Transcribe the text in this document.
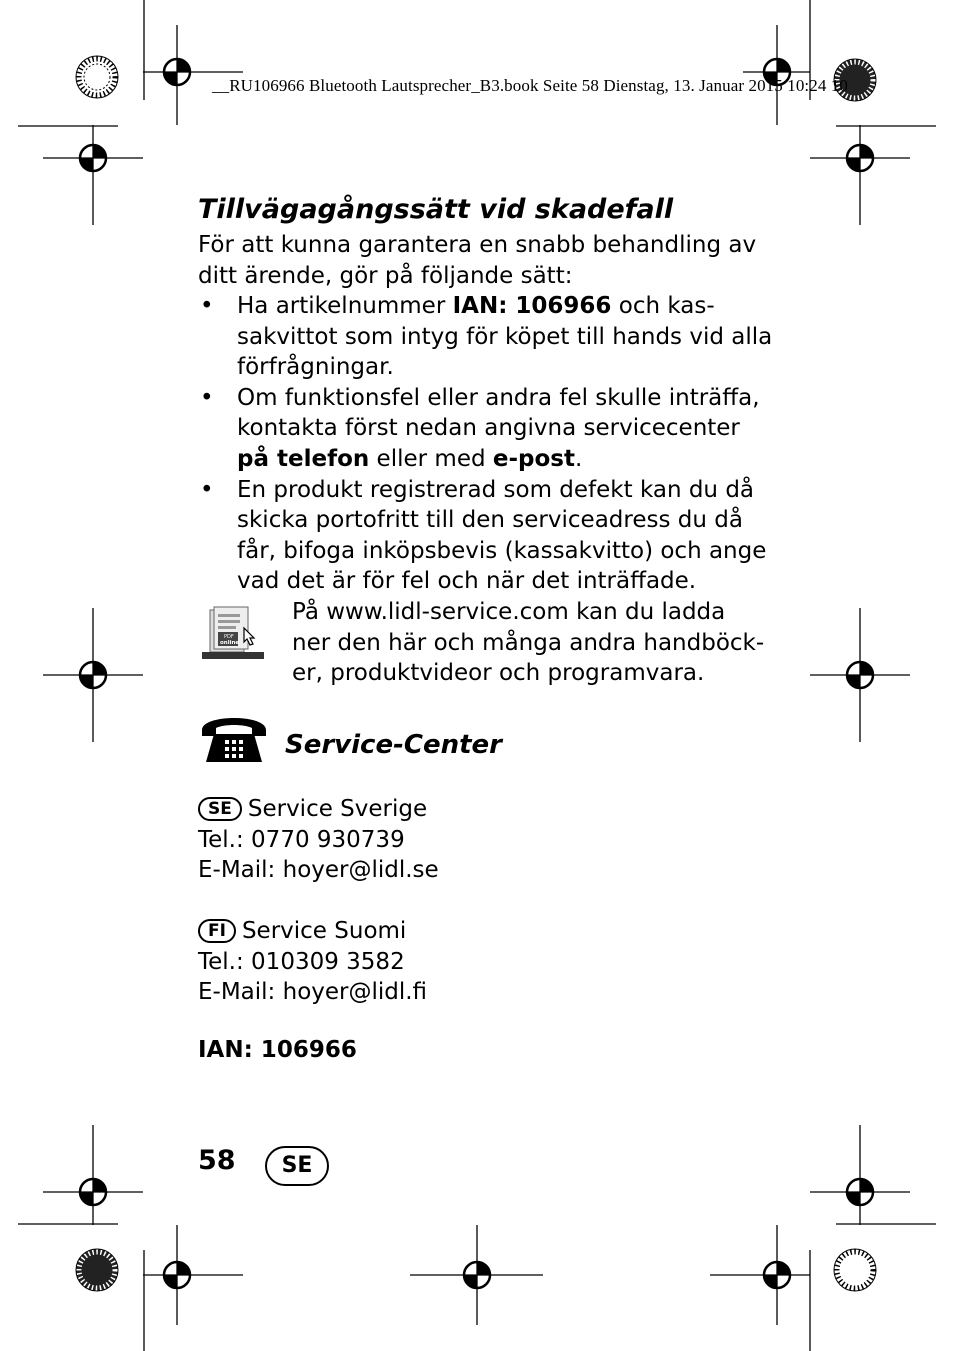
__RU106966 Bluetooth Lautsprecher_B3.book Seite 58 Dienstag, 13. Januar 2015 10:24 10
Tillvägagångssätt vid skadefall
För att kunna garantera en snabb behandling av
ditt ärende, gör på följande sätt:
• Ha artikelnummer IAN: 106966 och kas-
sakvittot som intyg för köpet till hands vid alla
förfrågningar.
• Om funktionsfel eller andra fel skulle inträffa,
kontakta först nedan angivna servicecenter
på telefon eller med e-post.
• En produkt registrerad som defekt kan du då
skicka portofritt till den serviceadress du då
får, bifoga inköpsbevis (kassakvitto) och ange
vad det är för fel och när det inträffade.
PDF
online
På www.lidl-service.com kan du ladda
ner den här och många andra handböck-
er, produktvideor och programvara.
Service-Center
SE Service Sverige
Tel.: 0770 930739
E-Mail: hoyer@lidl.se
FI Service Suomi
Tel.: 010309 3582
E-Mail: hoyer@lidl.fi
IAN: 106966
58	SE
